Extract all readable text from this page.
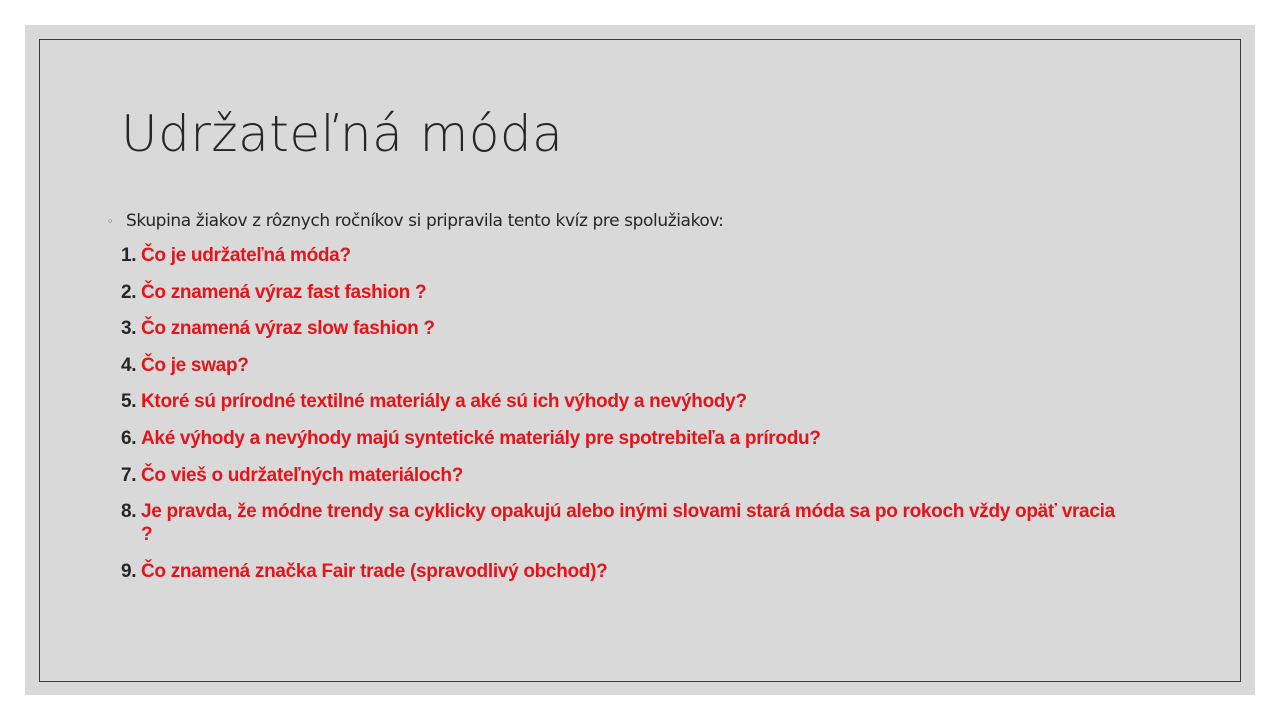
Udržateľná móda
◦ Skupina žiakov z rôznych ročníkov si pripravila tento kvíz pre spolužiakov:
1. Čo je udržateľná móda?
2. Čo znamená výraz fast fashion ?
3. Čo znamená výraz slow fashion ?
4. Čo je swap?
5. Ktoré sú prírodné textilné materiály a aké sú ich výhody a nevýhody?
6. Aké výhody a nevýhody majú syntetické materiály pre spotrebiteľa a prírodu?
7. Čo vieš o udržateľných materiáloch?
8. Je pravda, že módne trendy sa cyklicky opakujú alebo inými slovami stará móda sa po rokoch vždy opäť vracia ?
9. Čo znamená značka Fair trade (spravodlivý obchod)?
